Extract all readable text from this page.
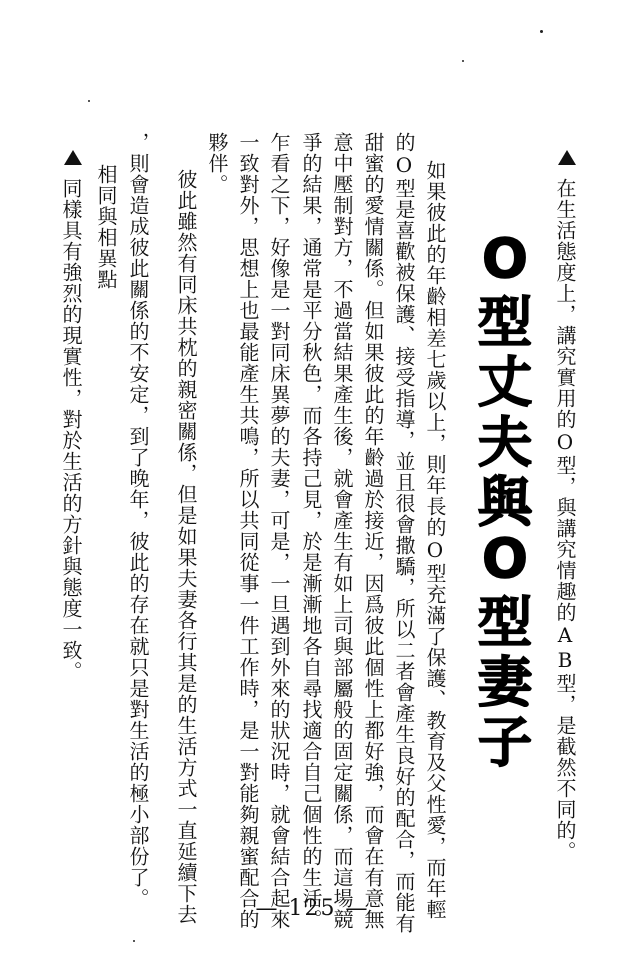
在生活態度上，講究實用的O型，與講究情趣的AB型，是截然不同的。
O
型
丈
夫
與
O
型
妻
子
如果彼此的年齡相差七歲以上，則年長的O型充滿了保護、教育及父性愛，而年輕
的O型是喜歡被保護、接受指導，並且很會撒驕，所以二者會產生良好的配合，而能有
甜蜜的愛情關係。但如果彼此的年齡過於接近，因爲彼此個性上都好強，而會在有意無
意中壓制對方，不過當結果產生後，就會產生有如上司與部屬般的固定關係，而這場競
爭的結果，通常是平分秋色，而各持己見，於是漸漸地各自尋找適合自己個性的生活。
乍看之下，好像是一對同床異夢的夫妻，可是，一旦遇到外來的狀況時，就會結合起來
一致對外，思想上也最能產生共鳴，所以共同從事一件工作時，是一對能夠親蜜配合的
夥伴。
　彼此雖然有同床共枕的親密關係，但是如果夫妻各行其是的生活方式一直延續下去
，則會造成彼此關係的不安定，到了晚年，彼此的存在就只是對生活的極小部份了。
相同與相異點
同樣具有強烈的現實性，對於生活的方針與態度一致。
— 125 —
